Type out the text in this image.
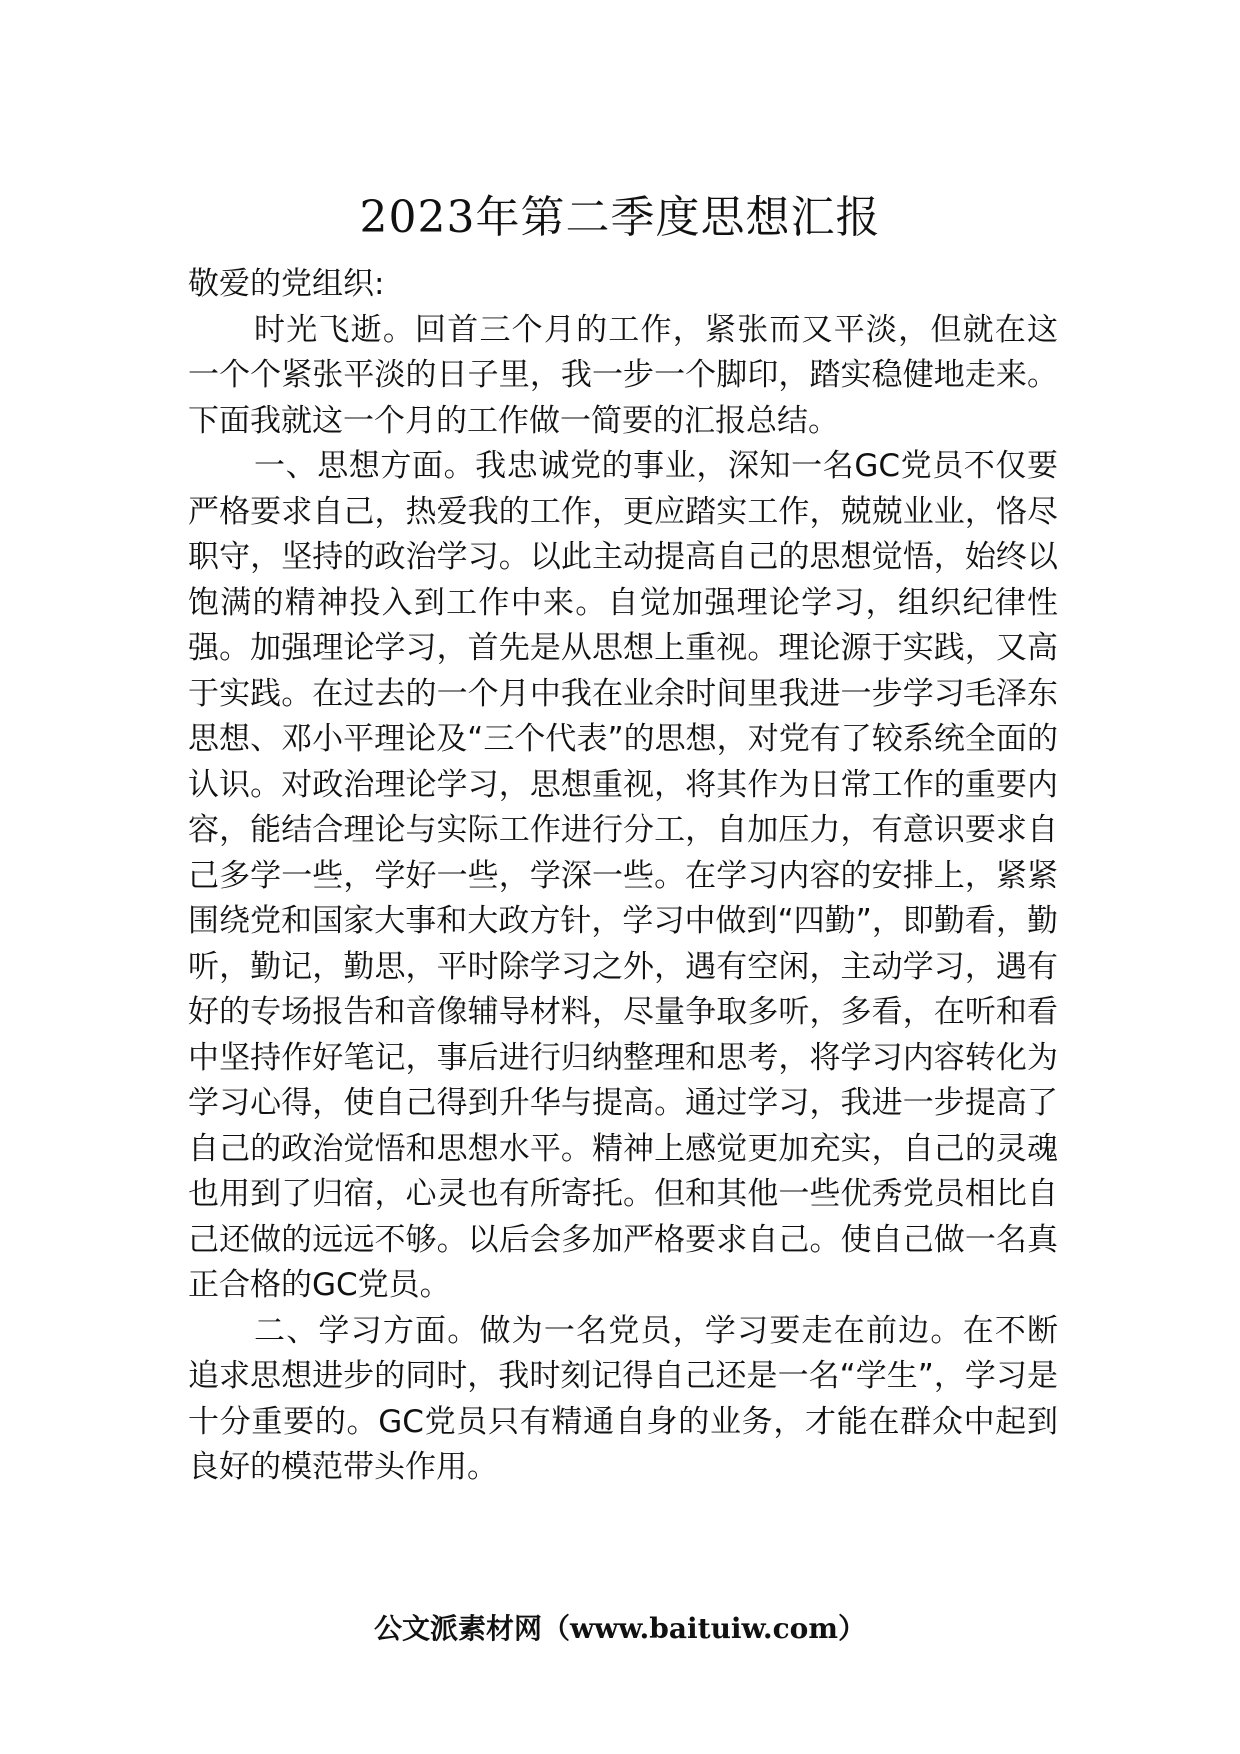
2023年第二季度思想汇报

敬爱的党组织:

时光飞逝。回首三个月的工作，紧张而又平淡，但就在这一个个紧张平淡的日子里，我一步一个脚印，踏实稳健地走来。下面我就这一个月的工作做一简要的汇报总结。

一、思想方面。我忠诚党的事业，深知一名GC党员不仅要严格要求自己，热爱我的工作，更应踏实工作，兢兢业业，恪尽职守，坚持的政治学习。以此主动提高自己的思想觉悟，始终以饱满的精神投入到工作中来。自觉加强理论学习，组织纪律性强。加强理论学习，首先是从思想上重视。理论源于实践，又高于实践。在过去的一个月中我在业余时间里我进一步学习毛泽东思想、邓小平理论及“三个代表”的思想，对党有了较系统全面的认识。对政治理论学习，思想重视，将其作为日常工作的重要内容，能结合理论与实际工作进行分工，自加压力，有意识要求自己多学一些，学好一些，学深一些。在学习内容的安排上，紧紧围绕党和国家大事和大政方针，学习中做到“四勤”，即勤看，勤听，勤记，勤思，平时除学习之外，遇有空闲，主动学习，遇有好的专场报告和音像辅导材料，尽量争取多听，多看，在听和看中坚持作好笔记，事后进行归纳整理和思考，将学习内容转化为学习心得，使自己得到升华与提高。通过学习，我进一步提高了自己的政治觉悟和思想水平。精神上感觉更加充实，自己的灵魂也用到了归宿，心灵也有所寄托。但和其他一些优秀党员相比自己还做的远远不够。以后会多加严格要求自己。使自己做一名真正合格的GC党员。

二、学习方面。做为一名党员，学习要走在前边。在不断追求思想进步的同时，我时刻记得自己还是一名“学生”，学习是十分重要的。GC党员只有精通自身的业务，才能在群众中起到良好的模范带头作用。

公文派素材网（www.baituiw.com）
